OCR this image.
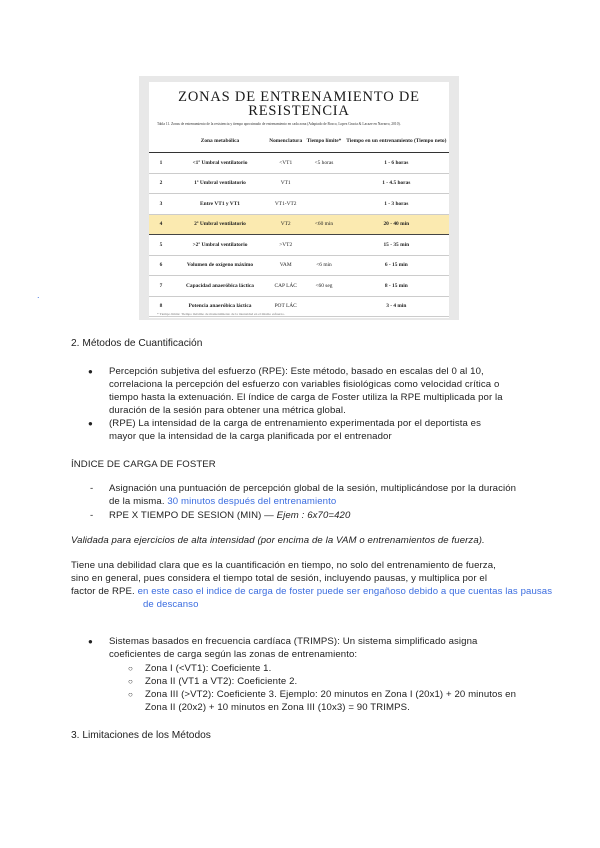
ZONAS DE ENTRENAMIENTO DE
RESISTENCIA
Tabla 11. Zonas de entrenamiento de la resistencia y tiempo aproximado de entrenamiento en cada zona (Adaptado de Bosco, Lopez Gracia & Lacaze en Navarro, 2010).
	Zona metabólica	Nomenclatura	Tiempo límite*	Tiempo en un entrenamiento (Tiempo neto)
1	<1º Umbral ventilatorio	<VT1	<5 horas	1 - 6 horas
2	1º Umbral ventilatorio	VT1		1 - 4.5 horas
3	Entre VT1 y VT1	VT1-VT2		1 - 3 horas
4	2º Umbral ventilatorio	VT2	<60 min	20 - 40 min
5	>2º Umbral ventilatorio	>VT2		15 - 35 min
6	Volumen de oxígeno máximo	VAM	<6 min	6 - 15 min
7	Capacidad anaeróbica láctica	CAP LÁC	<60 seg	8 - 15 min
8	Potencia anaeróbica láctica	POT LÁC		3 - 4 min
* Tiempo límite: Tiempo máximo de mantenimiento de la intensidad en el mismo esfuerzo.
.
2. Métodos de Cuantificación
● Percepción subjetiva del esfuerzo (RPE): Este método, basado en escalas del 0 al 10,
correlaciona la percepción del esfuerzo con variables fisiológicas como velocidad crítica o
tiempo hasta la extenuación. El índice de carga de Foster utiliza la RPE multiplicada por la
duración de la sesión para obtener una métrica global.
● (RPE) La intensidad de la carga de entrenamiento experimentada por el deportista es
mayor que la intensidad de la carga planificada por el entrenador
ÍNDICE DE CARGA DE FOSTER
- Asignación una puntuación de percepción global de la sesión, multiplicándose por la duración
de la misma. 30 minutos después del entrenamiento
- RPE X TIEMPO DE SESION (MIN) — Ejem : 6x70=420
Validada para ejercicios de alta intensidad (por encima de la VAM o entrenamientos de fuerza).
Tiene una debilidad clara que es la cuantificación en tiempo, no solo del entrenamiento de fuerza,
sino en general, pues considera el tiempo total de sesión, incluyendo pausas, y multiplica por el
factor de RPE. en este caso el indice de carga de foster puede ser engañoso debido a que cuentas las pausas
de descanso
● Sistemas basados en frecuencia cardíaca (TRIMPS): Un sistema simplificado asigna
coeficientes de carga según las zonas de entrenamiento:
○ Zona I (<VT1): Coeficiente 1.
○ Zona II (VT1 a VT2): Coeficiente 2.
○ Zona III (>VT2): Coeficiente 3. Ejemplo: 20 minutos en Zona I (20x1) + 20 minutos en
Zona II (20x2) + 10 minutos en Zona III (10x3) = 90 TRIMPS.
3. Limitaciones de los Métodos
